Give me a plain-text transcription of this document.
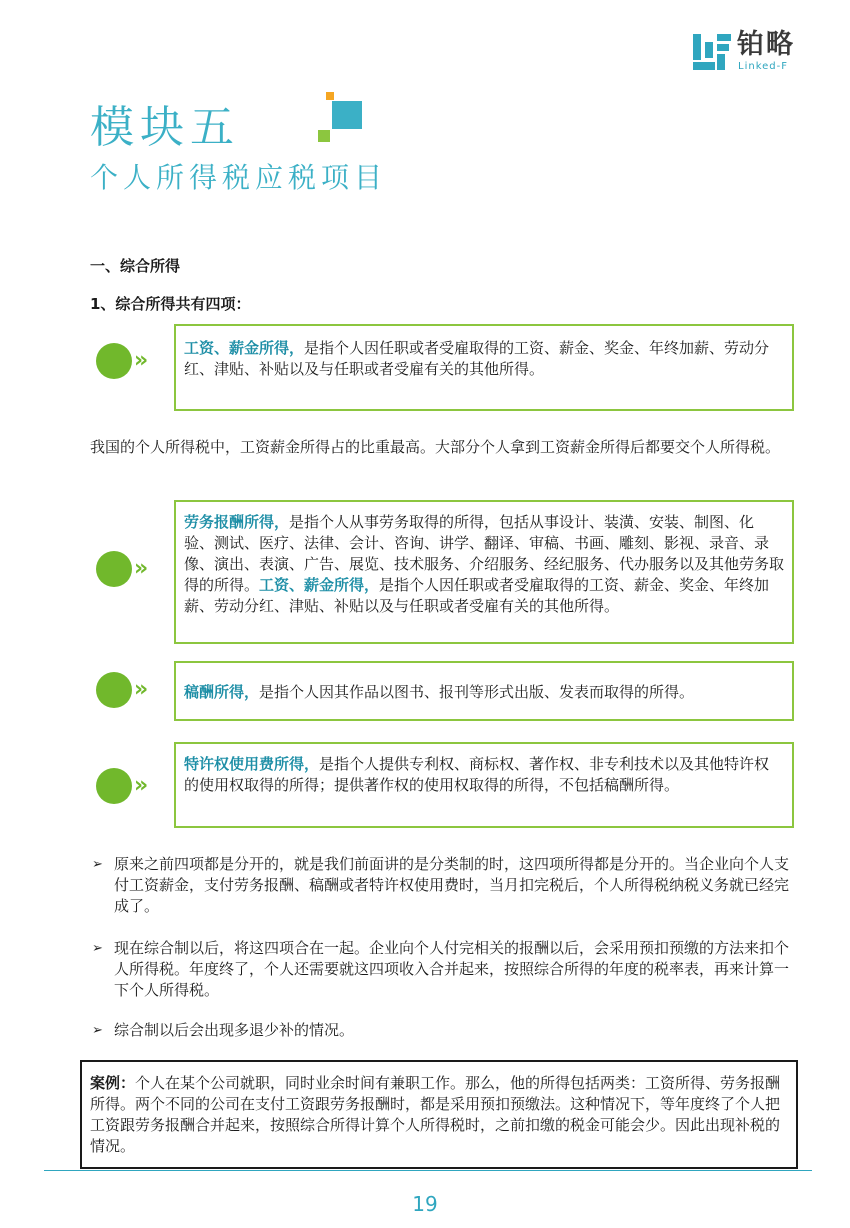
铂略
Linked-F
模块五
个人所得税应税项目
一、综合所得
1、综合所得共有四项：
»	工资、薪金所得，是指个人因任职或者受雇取得的工资、薪金、奖金、年终加薪、劳动分红、津贴、补贴以及与任职或者受雇有关的其他所得。
我国的个人所得税中，工资薪金所得占的比重最高。大部分个人拿到工资薪金所得后都要交个人所得税。
»
劳务报酬所得，是指个人从事劳务取得的所得，包括从事设计、装潢、安装、制图、化验、测试、医疗、法律、会计、咨询、讲学、翻译、审稿、书画、雕刻、影视、录音、录像、演出、表演、广告、展览、技术服务、介绍服务、经纪服务、代办服务以及其他劳务取得的所得。工资、薪金所得，是指个人因任职或者受雇取得的工资、薪金、奖金、年终加薪、劳动分红、津贴、补贴以及与任职或者受雇有关的其他所得。
»	稿酬所得，是指个人因其作品以图书、报刊等形式出版、发表而取得的所得。
»
特许权使用费所得，是指个人提供专利权、商标权、著作权、非专利技术以及其他特许权的使用权取得的所得；提供著作权的使用权取得的所得，不包括稿酬所得。
➢ 原来之前四项都是分开的，就是我们前面讲的是分类制的时，这四项所得都是分开的。当企业向个人支付工资薪金，支付劳务报酬、稿酬或者特许权使用费时，当月扣完税后，个人所得税纳税义务就已经完成了。
➢ 现在综合制以后，将这四项合在一起。企业向个人付完相关的报酬以后，会采用预扣预缴的方法来扣个人所得税。年度终了，个人还需要就这四项收入合并起来，按照综合所得的年度的税率表，再来计算一下个人所得税。
➢ 综合制以后会出现多退少补的情况。
案例：个人在某个公司就职，同时业余时间有兼职工作。那么，他的所得包括两类：工资所得、劳务报酬所得。两个不同的公司在支付工资跟劳务报酬时，都是采用预扣预缴法。这种情况下，等年度终了个人把工资跟劳务报酬合并起来，按照综合所得计算个人所得税时，之前扣缴的税金可能会少。因此出现补税的情况。
19
